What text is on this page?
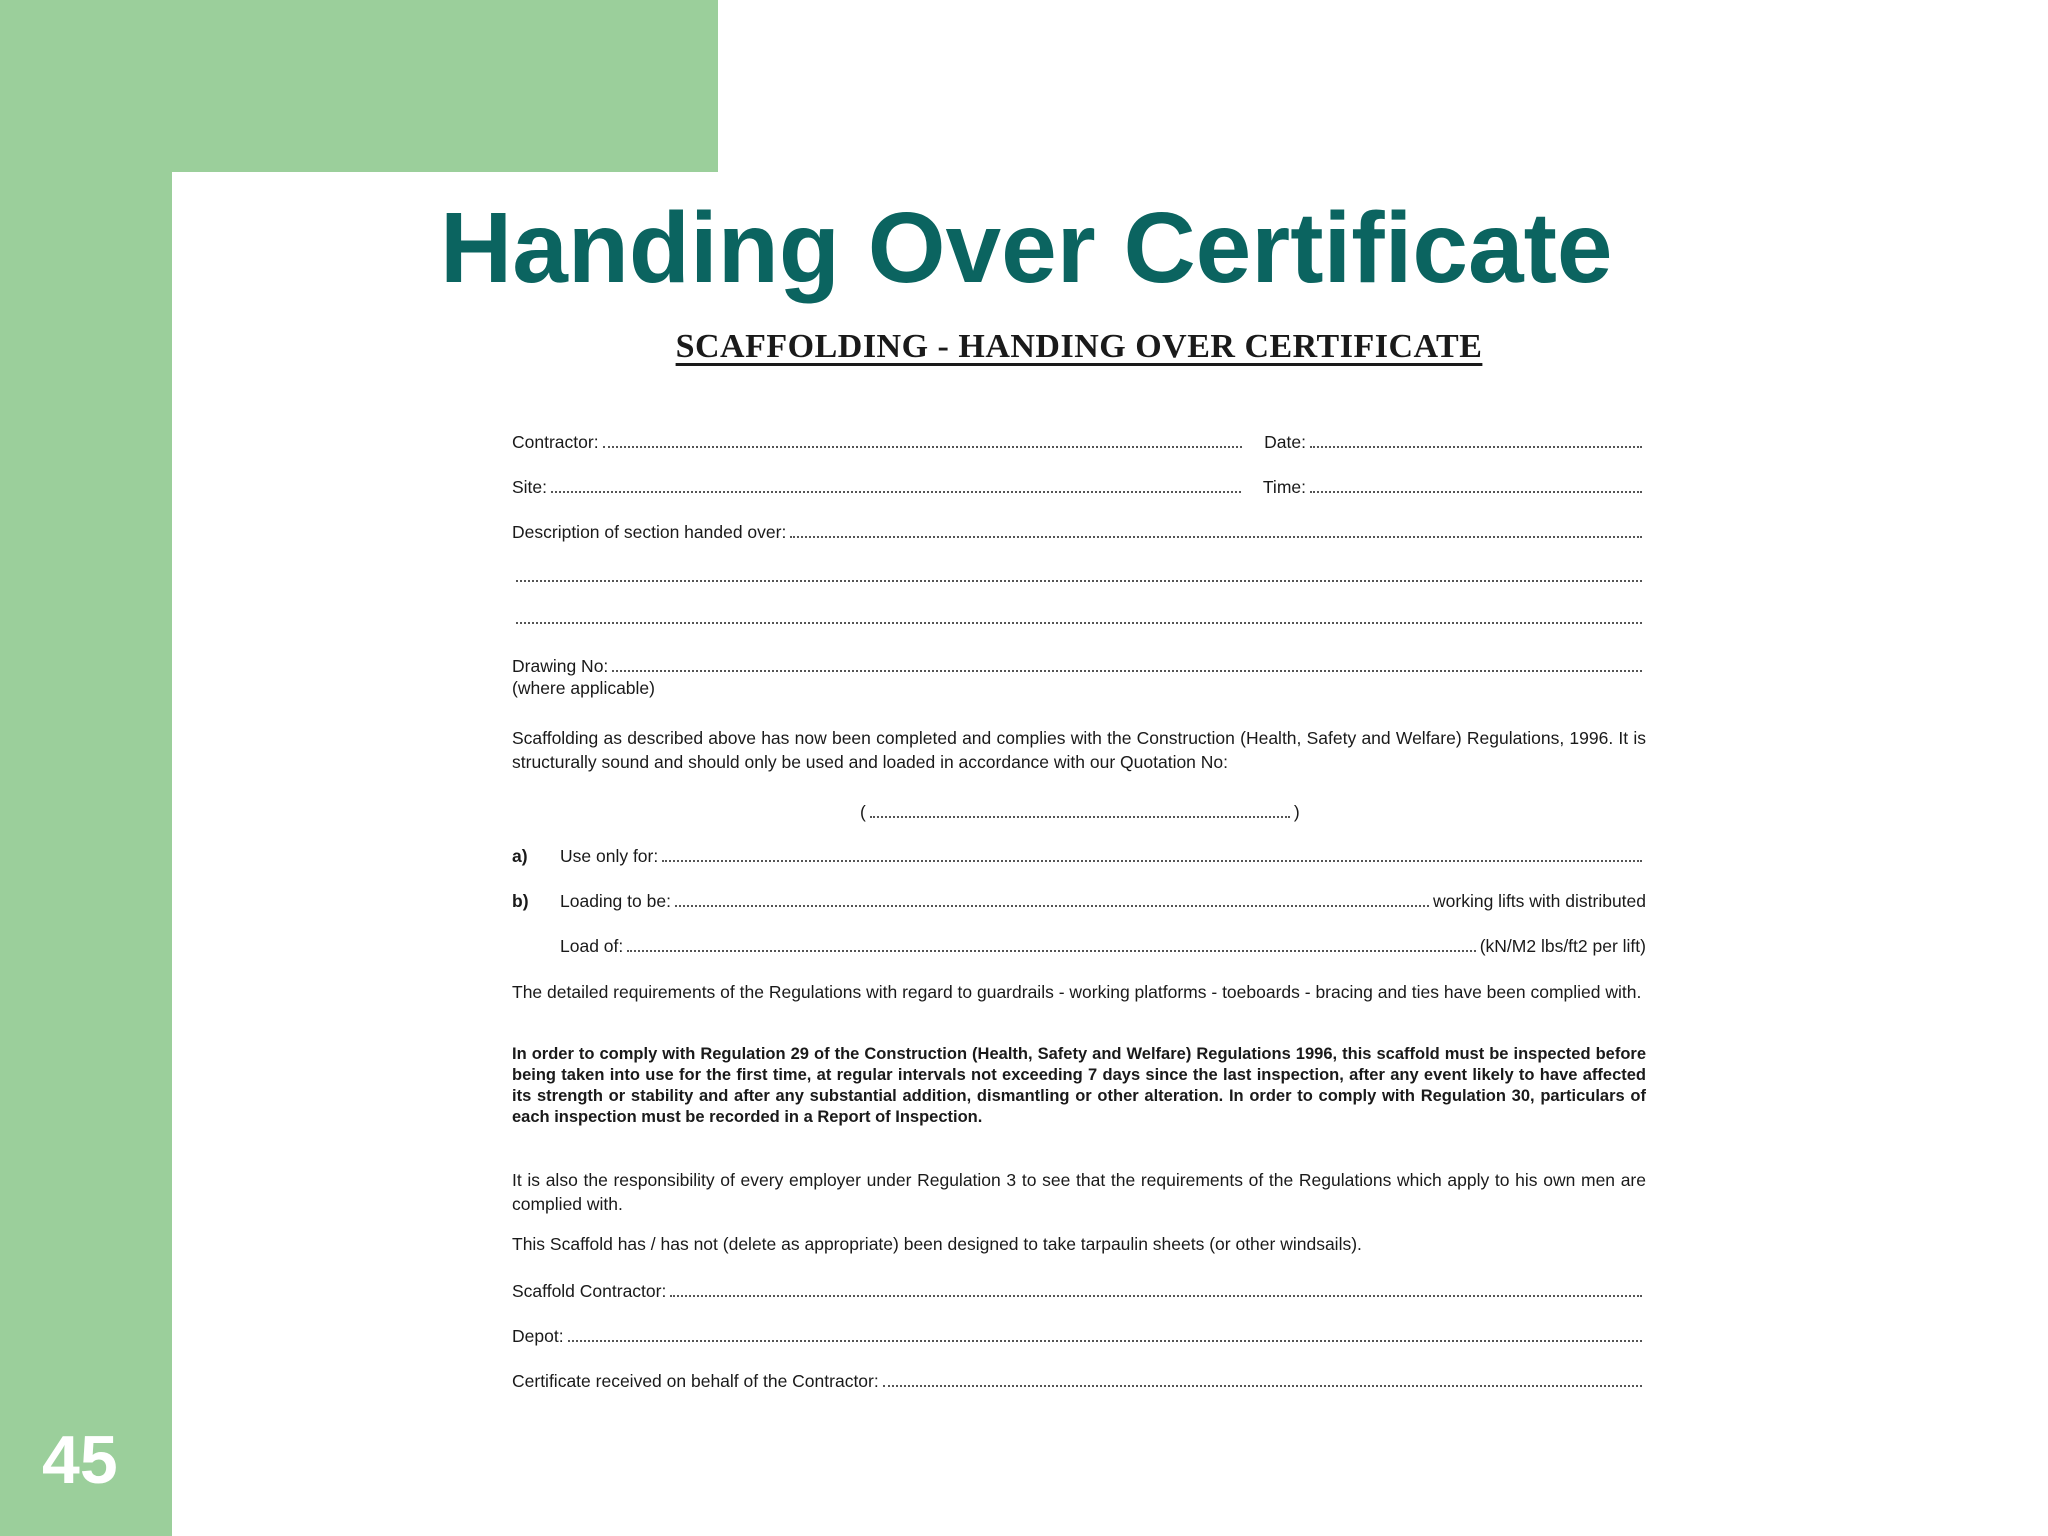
45
Handing Over Certificate
SCAFFOLDING - HANDING OVER CERTIFICATE
Contractor:	Date:
Site:	Time:
Description of section handed over:
Drawing No:
(where applicable)
Scaffolding as described above has now been completed and complies with the Construction (Health, Safety and Welfare) Regulations, 1996. It is structurally sound and should only be used and loaded in accordance with our Quotation No:
(	)
a)	Use only for:
b)	Loading to be:	working lifts with distributed
Load of:	(kN/M2 lbs/ft2 per lift)
The detailed requirements of the Regulations with regard to guardrails - working platforms - toeboards - bracing and ties have been complied with.
In order to comply with Regulation 29 of the Construction (Health, Safety and Welfare) Regulations 1996, this scaffold must be inspected before being taken into use for the first time, at regular intervals not exceeding 7 days since the last inspection, after any event likely to have affected its strength or stability and after any substantial addition, dismantling or other alteration. In order to comply with Regulation 30, particulars of each inspection must be recorded in a Report of Inspection.
It is also the responsibility of every employer under Regulation 3 to see that the requirements of the Regulations which apply to his own men are complied with.
This Scaffold has / has not (delete as appropriate) been designed to take tarpaulin sheets (or other windsails).
Scaffold Contractor:
Depot:
Certificate received on behalf of the Contractor:
